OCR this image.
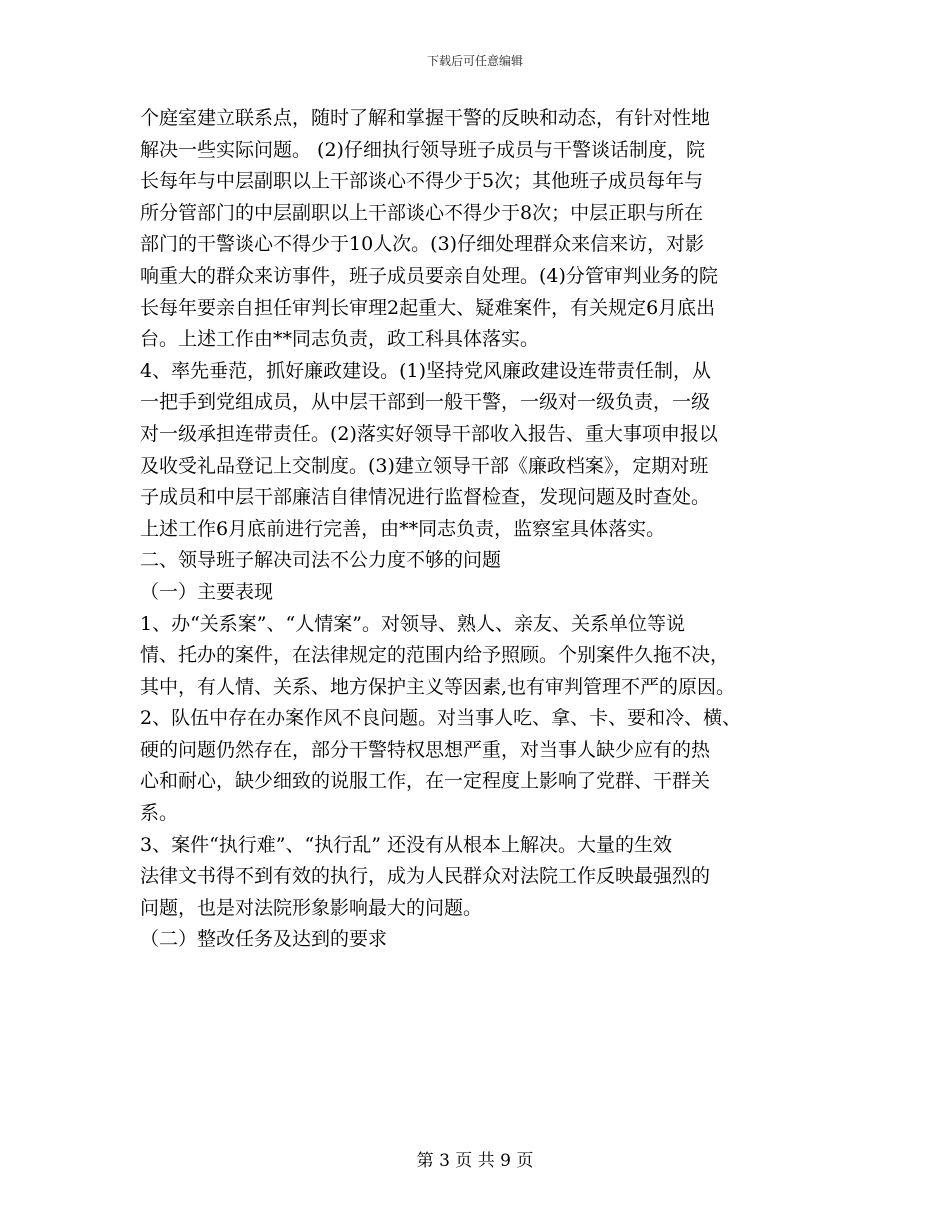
下载后可任意编辑
个庭室建立联系点，随时了解和掌握干警的反映和动态，有针对性地
解决一些实际问题。 (2)仔细执行领导班子成员与干警谈话制度，院
长每年与中层副职以上干部谈心不得少于5次；其他班子成员每年与
所分管部门的中层副职以上干部谈心不得少于8次；中层正职与所在
部门的干警谈心不得少于10人次。(3)仔细处理群众来信来访，对影
响重大的群众来访事件，班子成员要亲自处理。(4)分管审判业务的院
长每年要亲自担任审判长审理2起重大、疑难案件，有关规定6月底出
台。上述工作由**同志负责，政工科具体落实。
4、率先垂范，抓好廉政建设。(1)坚持党风廉政建设连带责任制，从
一把手到党组成员，从中层干部到一般干警，一级对一级负责，一级
对一级承担连带责任。(2)落实好领导干部收入报告、重大事项申报以
及收受礼品登记上交制度。(3)建立领导干部《廉政档案》，定期对班
子成员和中层干部廉洁自律情况进行监督检查，发现问题及时查处。
上述工作6月底前进行完善，由**同志负责，监察室具体落实。
二、领导班子解决司法不公力度不够的问题
（一）主要表现
1、办“关系案”、“人情案”。对领导、熟人、亲友、关系单位等说
情、托办的案件，在法律规定的范围内给予照顾。个别案件久拖不决，
其中，有人情、关系、地方保护主义等因素,也有审判管理不严的原因。
2、队伍中存在办案作风不良问题。对当事人吃、拿、卡、要和冷、横、
硬的问题仍然存在，部分干警特权思想严重，对当事人缺少应有的热
心和耐心，缺少细致的说服工作，在一定程度上影响了党群、干群关
系。
3、案件“执行难”、“执行乱” 还没有从根本上解决。大量的生效
法律文书得不到有效的执行，成为人民群众对法院工作反映最强烈的
问题，也是对法院形象影响最大的问题。
（二）整改任务及达到的要求
第 3 页 共 9 页
